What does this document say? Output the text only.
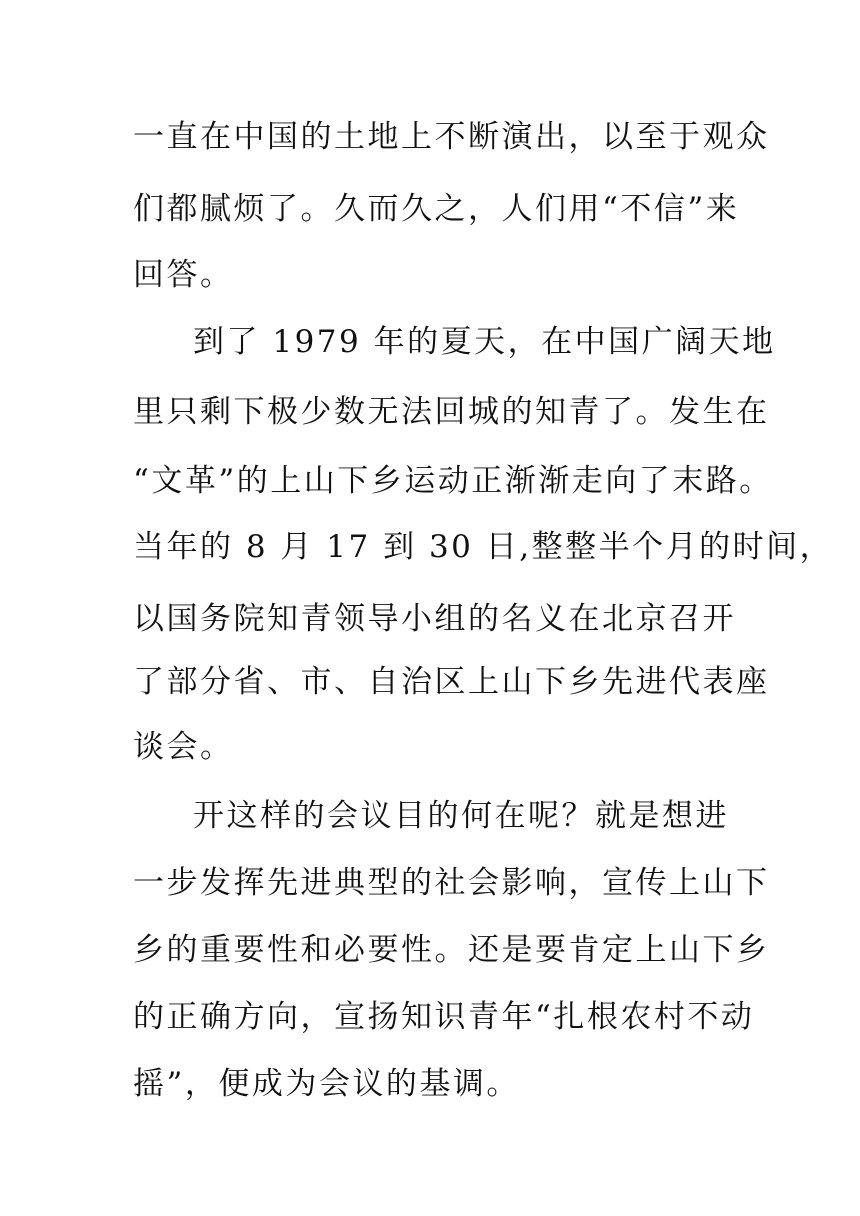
一直在中国的土地上不断演出，以至于观众
们都腻烦了。久而久之，人们用“不信”来
回答。
到了 1979 年的夏天，在中国广阔天地
里只剩下极少数无法回城的知青了。发生在
“文革”的上山下乡运动正渐渐走向了末路。
当年的 8 月 17 到 30 日,整整半个月的时间，
以国务院知青领导小组的名义在北京召开
了部分省、市、自治区上山下乡先进代表座
谈会。
开这样的会议目的何在呢？就是想进
一步发挥先进典型的社会影响，宣传上山下
乡的重要性和必要性。还是要肯定上山下乡
的正确方向，宣扬知识青年“扎根农村不动
摇”，便成为会议的基调。
